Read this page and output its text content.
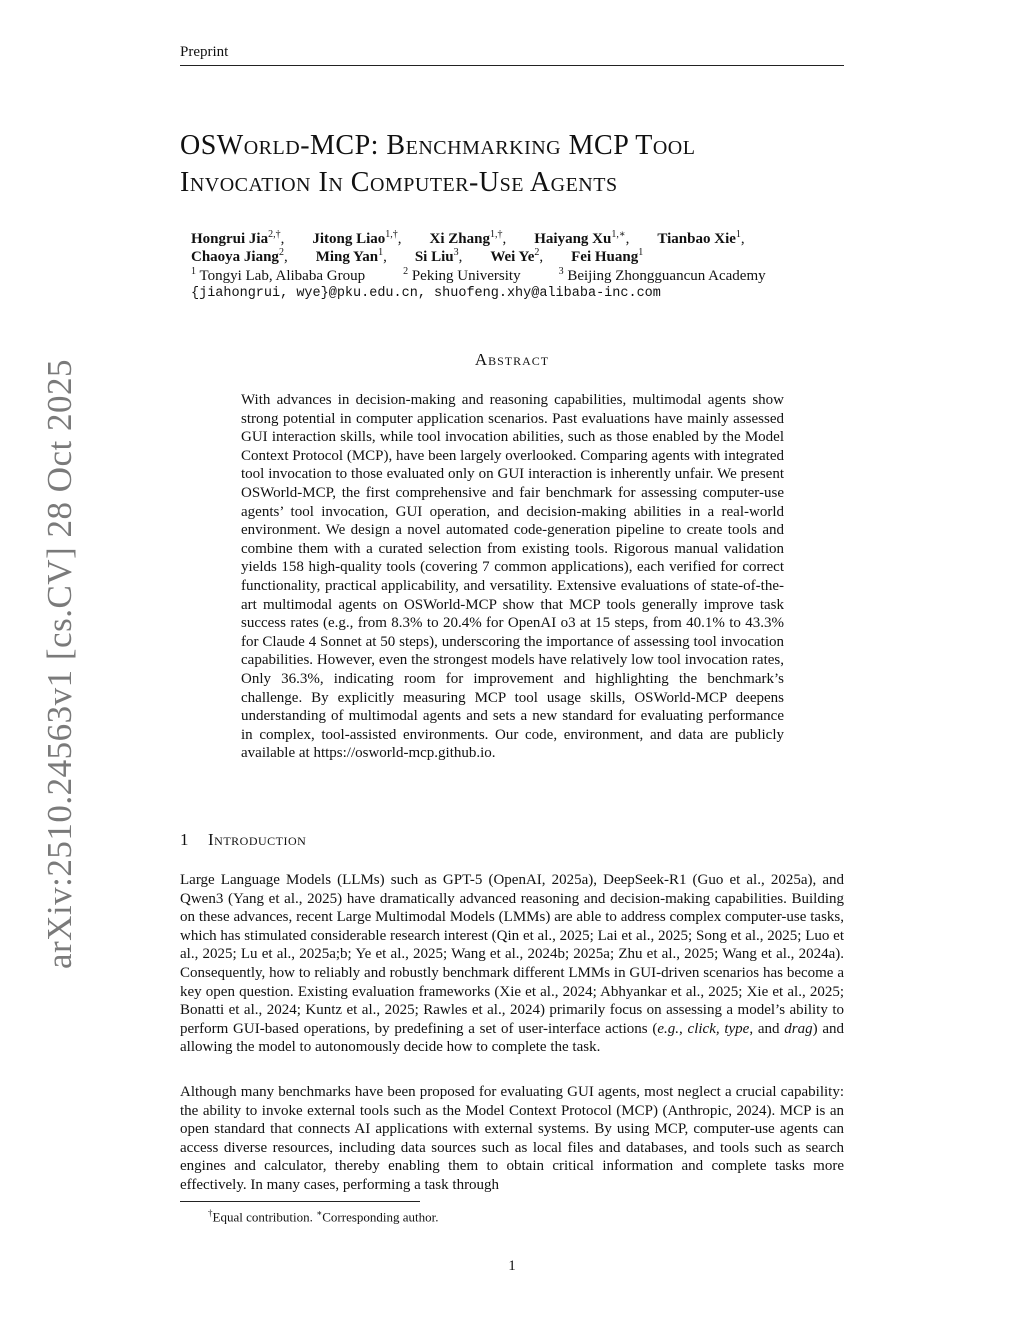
Preprint
OSWorld-MCP: Benchmarking MCP Tool
Invocation In Computer-Use Agents
Hongrui Jia$^{2,\dagger}$, Jitong Liao$^{1,\dagger}$, Xi Zhang$^{1,\dagger}$, Haiyang $Xu^{1,∗}$, Tianbao Xie$^1$,
Chaoya Jiang$^2$, Ming Yan$^1$, Si Liu$^3$, Wei Ye$^2$, Fei Huang$^1$
$^1$ Tongyi Lab, Alibaba Group	$^2$ Peking University	$^3$ Beijing Zhongguancun Academy
{jiahongrui, wye}@pku.edu.cn, shuofeng.xhy@alibaba-inc.com
Abstract
With advances in decision-making and reasoning capabilities, multimodal agents show strong potential in computer application scenarios. Past evaluations have mainly assessed GUI interaction skills, while tool invocation abilities, such as those enabled by the Model Context Protocol (MCP), have been largely overlooked. Comparing agents with integrated tool invocation to those evaluated only on GUI interaction is inherently unfair. We present OSWorld-MCP, the first comprehensive and fair benchmark for assessing computer-use agents’ tool invocation, GUI operation, and decision-making abilities in a real-world environment. We design a novel automated code-generation pipeline to create tools and combine them with a curated selection from existing tools. Rigorous manual validation yields 158 high-quality tools (covering 7 common applications), each verified for correct functionality, practical applicability, and versatility. Extensive evaluations of state-of-the-art multimodal agents on OSWorld-MCP show that MCP tools generally improve task success rates (e.g., from 8.3% to 20.4% for OpenAI o3 at 15 steps, from 40.1% to 43.3% for Claude 4 Sonnet at 50 steps), underscoring the importance of assessing tool invocation capabilities. However, even the strongest models have relatively low tool invocation rates, Only 36.3%, indicating room for improvement and highlighting the benchmark’s challenge. By explicitly measuring MCP tool usage skills, OSWorld-MCP deepens understanding of multimodal agents and sets a new standard for evaluating performance in complex, tool-assisted environments. Our code, environment, and data are publicly available at https://osworld-mcp.github.io.
1 Introduction
Large Language Models (LLMs) such as GPT-5 (OpenAI, 2025a), DeepSeek-R1 (Guo et al., 2025a), and Qwen3 (Yang et al., 2025) have dramatically advanced reasoning and decision-making capabilities. Building on these advances, recent Large Multimodal Models (LMMs) are able to address complex computer-use tasks, which has stimulated considerable research interest (Qin et al., 2025; Lai et al., 2025; Song et al., 2025; Luo et al., 2025; Lu et al., 2025a;b; Ye et al., 2025; Wang et al., 2024b; 2025a; Zhu et al., 2025; Wang et al., 2024a). Consequently, how to reliably and robustly benchmark different LMMs in GUI-driven scenarios has become a key open question. Existing evaluation frameworks (Xie et al., 2024; Abhyankar et al., 2025; Xie et al., 2025; Bonatti et al., 2024; Kuntz et al., 2025; Rawles et al., 2024) primarily focus on assessing a model’s ability to perform GUI-based operations, by predefining a set of user-interface actions (e.g., click, type, and drag) and allowing the model to autonomously decide how to complete the task.
Although many benchmarks have been proposed for evaluating GUI agents, most neglect a crucial capability: the ability to invoke external tools such as the Model Context Protocol (MCP) (Anthropic, 2024). MCP is an open standard that connects AI applications with external systems. By using MCP, computer-use agents can access diverse resources, including data sources such as local files and databases, and tools such as search engines and calculator, thereby enabling them to obtain critical information and complete tasks more effectively. In many cases, performing a task through
†Equal contribution. ∗Corresponding author.
1
arXiv:2510.24563v1 [cs.CV] 28 Oct 2025
